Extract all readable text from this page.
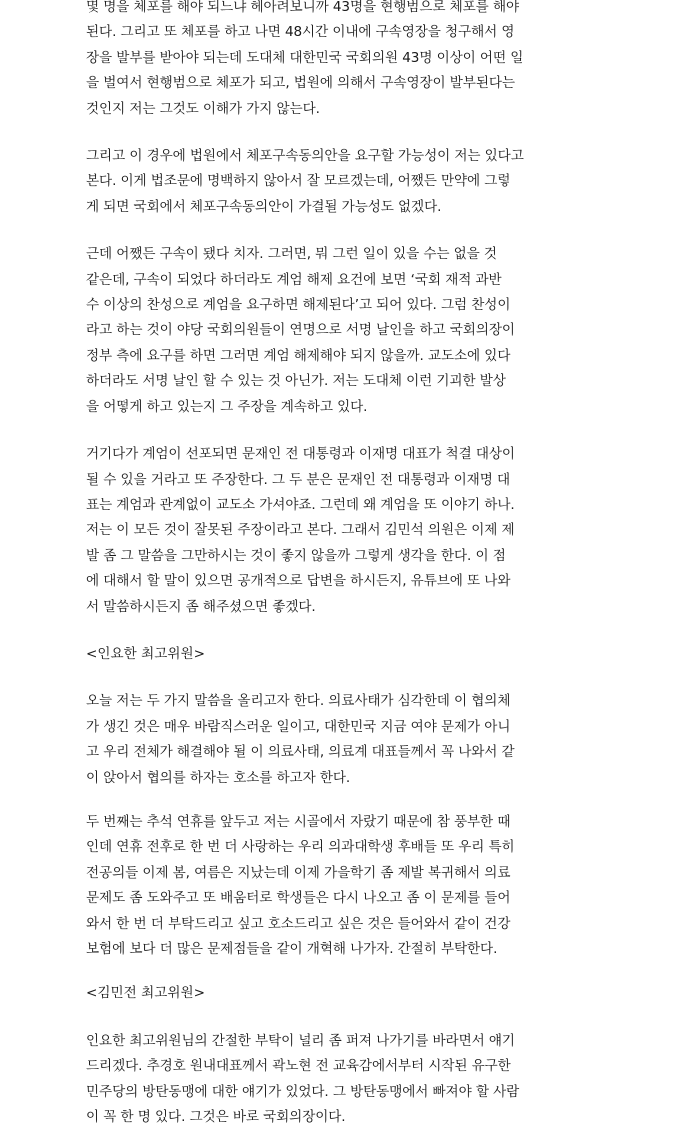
몇 명을 체포를 해야 되느냐 헤아려보니까 43명을 현행범으로 체포를 해야
된다. 그리고 또 체포를 하고 나면 48시간 이내에 구속영장을 청구해서 영
장을 발부를 받아야 되는데 도대체 대한민국 국회의원 43명 이상이 어떤 일
을 벌여서 현행범으로 체포가 되고, 법원에 의해서 구속영장이 발부된다는
것인지 저는 그것도 이해가 가지 않는다.

그리고 이 경우에 법원에서 체포구속동의안을 요구할 가능성이 저는 있다고
본다. 이게 법조문에 명백하지 않아서 잘 모르겠는데, 어쨌든 만약에 그렇
게 되면 국회에서 체포구속동의안이 가결될 가능성도 없겠다.

근데 어쨌든 구속이 됐다 치자. 그러면, 뭐 그런 일이 있을 수는 없을 것
같은데, 구속이 되었다 하더라도 계엄 해제 요건에 보면 ‘국회 재적 과반
수 이상의 찬성으로 계엄을 요구하면 해제된다’고 되어 있다. 그럼 찬성이
라고 하는 것이 야당 국회의원들이 연명으로 서명 날인을 하고 국회의장이
정부 측에 요구를 하면 그러면 계엄 해제해야 되지 않을까. 교도소에 있다
하더라도 서명 날인 할 수 있는 것 아닌가. 저는 도대체 이런 기괴한 발상
을 어떻게 하고 있는지 그 주장을 계속하고 있다.

거기다가 계엄이 선포되면 문재인 전 대통령과 이재명 대표가 척결 대상이
될 수 있을 거라고 또 주장한다. 그 두 분은 문재인 전 대통령과 이재명 대
표는 계엄과 관계없이 교도소 가셔야죠. 그런데 왜 계엄을 또 이야기 하나.
저는 이 모든 것이 잘못된 주장이라고 본다. 그래서 김민석 의원은 이제 제
발 좀 그 말씀을 그만하시는 것이 좋지 않을까 그렇게 생각을 한다. 이 점
에 대해서 할 말이 있으면 공개적으로 답변을 하시든지, 유튜브에 또 나와
서 말씀하시든지 좀 해주셨으면 좋겠다.

<인요한 최고위원>

오늘 저는 두 가지 말씀을 올리고자 한다. 의료사태가 심각한데 이 협의체
가 생긴 것은 매우 바람직스러운 일이고, 대한민국 지금 여야 문제가 아니
고 우리 전체가 해결해야 될 이 의료사태, 의료계 대표들께서 꼭 나와서 같
이 앉아서 협의를 하자는 호소를 하고자 한다.

두 번째는 추석 연휴를 앞두고 저는 시골에서 자랐기 때문에 참 풍부한 때
인데 연휴 전후로 한 번 더 사랑하는 우리 의과대학생 후배들 또 우리 특히
전공의들 이제 봄, 여름은 지났는데 이제 가을학기 좀 제발 복귀해서 의료
문제도 좀 도와주고 또 배움터로 학생들은 다시 나오고 좀 이 문제를 들어
와서 한 번 더 부탁드리고 싶고 호소드리고 싶은 것은 들어와서 같이 건강
보험에 보다 더 많은 문제점들을 같이 개혁해 나가자. 간절히 부탁한다.

<김민전 최고위원>

인요한 최고위원님의 간절한 부탁이 널리 좀 퍼져 나가기를 바라면서 얘기
드리겠다. 추경호 원내대표께서 곽노현 전 교육감에서부터 시작된 유구한
민주당의 방탄동맹에 대한 얘기가 있었다. 그 방탄동맹에서 빠져야 할 사람
이 꼭 한 명 있다. 그것은 바로 국회의장이다.
